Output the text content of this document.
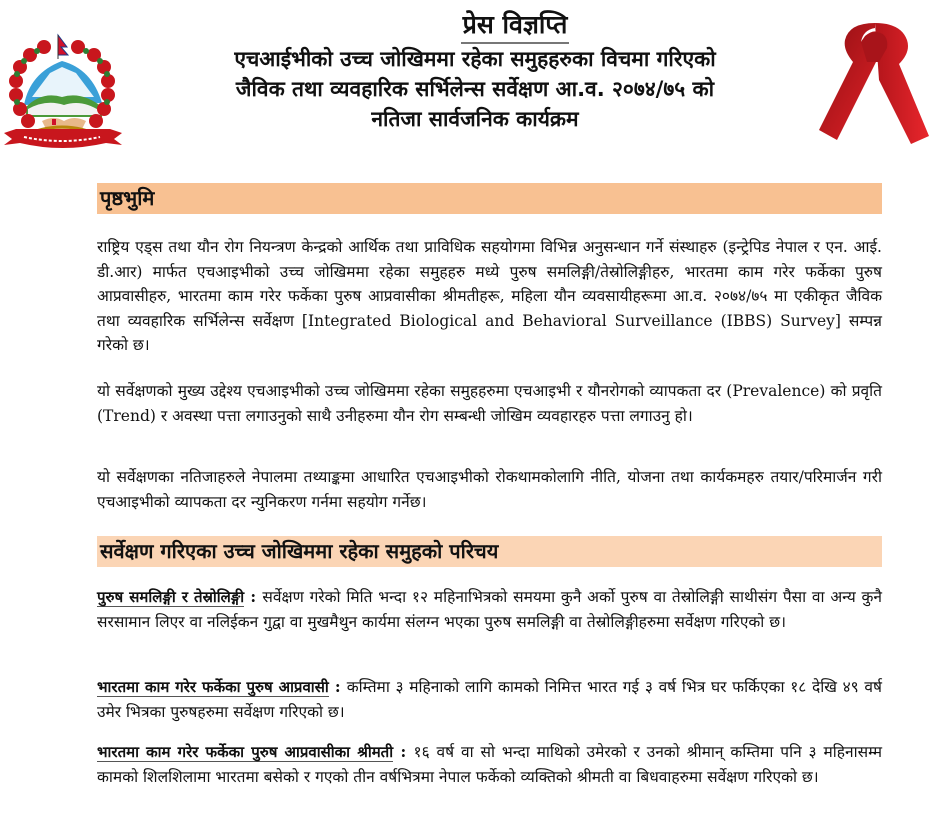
प्रेस विज्ञप्ति

एचआईभीको उच्च जोखिममा रहेका समुहहरुका विचमा गरिएको

जैविक तथा व्यवहारिक सर्भिलेन्स सर्वेक्षण आ.व. २०७४/७५ को

नतिजा सार्वजनिक कार्यक्रम

पृष्ठभुमि

राष्ट्रिय एड्स तथा यौन रोग नियन्त्रण केन्द्रको आर्थिक तथा प्राविधिक सहयोगमा विभिन्न अनुसन्धान गर्ने संस्थाहरु (इन्ट्रेपिड नेपाल र एन. आई. डी.आर) मार्फत एचआइभीको उच्च जोखिममा रहेका समुहहरु मध्ये पुरुष समलिङ्गी/तेस्रोलिङ्गीहरु, भारतमा काम गरेर फर्केका पुरुष आप्रवासीहरु, भारतमा काम गरेर फर्केका पुरुष आप्रवासीका श्रीमतीहरू, महिला यौन व्यवसायीहरूमा आ.व. २०७४/७५ मा एकीकृत जैविक तथा व्यवहारिक सर्भिलेन्स सर्वेक्षण [Integrated Biological and Behavioral Surveillance (IBBS) Survey] सम्पन्न गरेको छ।

यो सर्वेक्षणको मुख्य उद्देश्य एचआइभीको उच्च जोखिममा रहेका समुहहरुमा एचआइभी र यौनरोगको व्यापकता दर (Prevalence) को प्रवृति (Trend) र अवस्था पत्ता लगाउनुको साथै उनीहरुमा यौन रोग सम्बन्धी जोखिम व्यवहारहरु पत्ता लगाउनु हो।

यो सर्वेक्षणका नतिजाहरुले नेपालमा तथ्याङ्कमा आधारित एचआइभीको रोकथामकोलागि नीति, योजना तथा कार्यकमहरु तयार/परिमार्जन गरी एचआइभीको व्यापकता दर न्युनिकरण गर्नमा सहयोग गर्नेछ।

सर्वेक्षण गरिएका उच्च जोखिममा रहेका समुहको परिचय

पुरुष समलिङ्गी र तेस्रोलिङ्गी : सर्वेक्षण गरेको मिति भन्दा १२ महिनाभित्रको समयमा कुनै अर्को पुरुष वा तेस्रोलिङ्गी साथीसंग पैसा वा अन्य कुनै सरसामान लिएर वा नलिईकन गुद्वा वा मुखमैथुन कार्यमा संलग्न भएका पुरुष समलिङ्गी वा तेस्रोलिङ्गीहरुमा सर्वेक्षण गरिएको छ।

भारतमा काम गरेर फर्केका पुरुष आप्रवासी : कम्तिमा ३ महिनाको लागि कामको निमित्त भारत गई ३ वर्ष भित्र घर फर्किएका १८ देखि ४९ वर्ष उमेर भित्रका पुरुषहरुमा सर्वेक्षण गरिएको छ।

भारतमा काम गरेर फर्केका पुरुष आप्रवासीका श्रीमती : १६ वर्ष वा सो भन्दा माथिको उमेरको र उनको श्रीमान् कम्तिमा पनि ३ महिनासम्म कामको शिलशिलामा भारतमा बसेको र गएको तीन वर्षभित्रमा नेपाल फर्केको व्यक्तिको श्रीमती वा बिधवाहरुमा सर्वेक्षण गरिएको छ।
